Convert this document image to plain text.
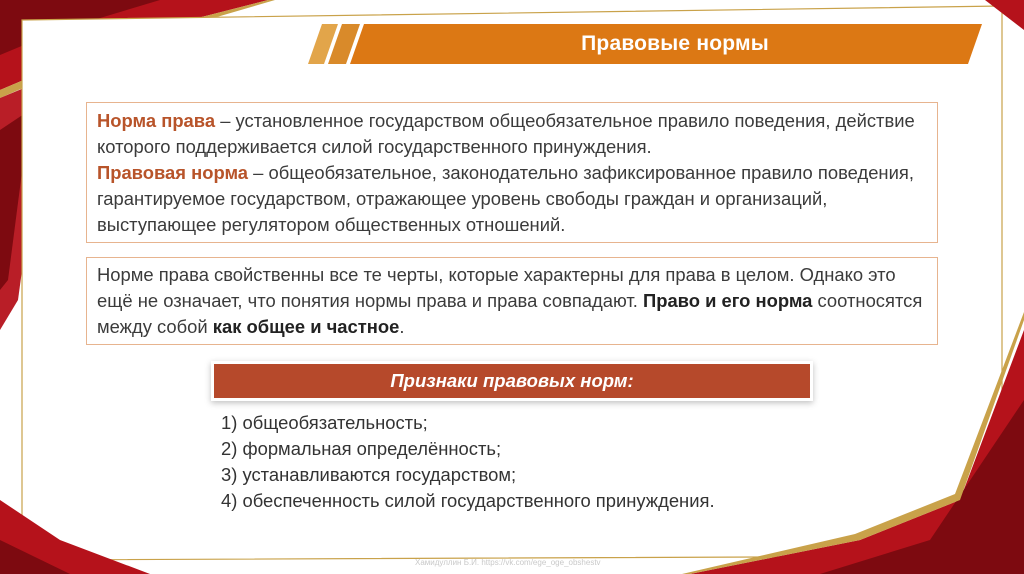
Правовые нормы

Норма права – установленное государством общеобязательное правило поведения, действие которого поддерживается силой государственного принуждения.

Правовая норма – общеобязательное, законодательно зафиксированное правило поведения, гарантируемое государством, отражающее уровень свободы граждан и организаций, выступающее регулятором общественных отношений.

Норме права свойственны все те черты, которые характерны для права в целом. Однако это ещё не означает, что понятия нормы права и права совпадают. Право и его норма соотносятся между собой как общее и частное.

Признаки правовых норм:
1) общеобязательность;
2) формальная определённость;
3) устанавливаются государством;
4) обеспеченность силой государственного принуждения.
Хамидуллин Б.И. https://vk.com/ege_oge_obshestv
